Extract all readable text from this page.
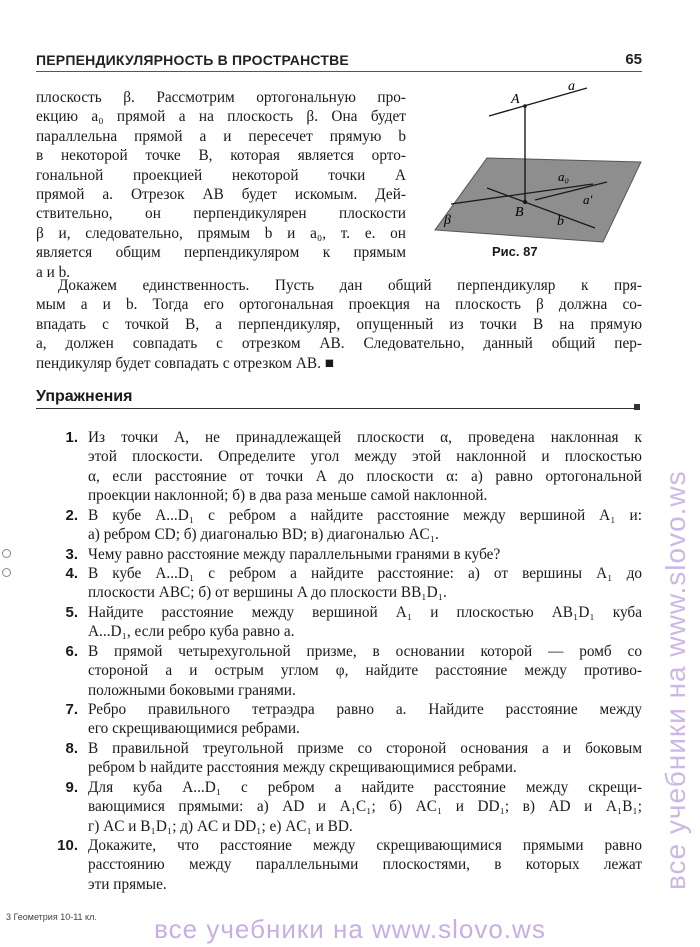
ПЕРПЕНДИКУЛЯРНОСТЬ В ПРОСТРАНСТВЕ	65
плоскость β. Рассмотрим ортогональную про-
екцию a₀ прямой a на плоскость β. Она будет
параллельна прямой a и пересечет прямую b
в некоторой точке B, которая является орто-
гональной проекцией некоторой точки A
прямой a. Отрезок AB будет искомым. Дей-
ствительно, он перпендикулярен плоскости
β и, следовательно, прямым b и a₀, т. е. он
является общим перпендикуляром к прямым
a и b.
A
a
a₀
B
b
a′
β
Рис. 87
Докажем единственность. Пусть дан общий перпендикуляр к пря-
мым a и b. Тогда его ортогональная проекция на плоскость β должна со-
впадать с точкой B, а перпендикуляр, опущенный из точки B на прямую
a, должен совпадать с отрезком AB. Следовательно, данный общий пер-
пендикуляр будет совпадать с отрезком AB. ■
Упражнения
1. Из точки A, не принадлежащей плоскости α, проведена наклонная к
этой плоскости. Определите угол между этой наклонной и плоскостью
α, если расстояние от точки A до плоскости α: а) равно ортогональной
проекции наклонной; б) в два раза меньше самой наклонной.
2. В кубе A...D₁ с ребром a найдите расстояние между вершиной A₁ и:
а) ребром CD; б) диагональю BD; в) диагональю AC₁.
3. Чему равно расстояние между параллельными гранями в кубе?
4. В кубе A...D₁ с ребром a найдите расстояние: а) от вершины A₁ до
плоскости ABC; б) от вершины A до плоскости BB₁D₁.
5. Найдите расстояние между вершиной A₁ и плоскостью AB₁D₁ куба
A...D₁, если ребро куба равно a.
6. В прямой четырехугольной призме, в основании которой — ромб со
стороной a и острым углом φ, найдите расстояние между противо-
положными боковыми гранями.
7. Ребро правильного тетраэдра равно a. Найдите расстояние между
его скрещивающимися ребрами.
8. В правильной треугольной призме со стороной основания a и боковым
ребром b найдите расстояния между скрещивающимися ребрами.
9. Для куба A...D₁ с ребром a найдите расстояние между скрещи-
вающимися прямыми: а) AD и A₁C₁; б) AC₁ и DD₁; в) AD и A₁B₁;
г) AC и B₁D₁; д) AC и DD₁; е) AC₁ и BD.
10. Докажите, что расстояние между скрещивающимися прямыми равно
расстоянию между параллельными плоскостями, в которых лежат
эти прямые.
3 Геометрия 10-11 кл.	все учебники на www.slovo.ws
все учебники на www.slovo.ws
